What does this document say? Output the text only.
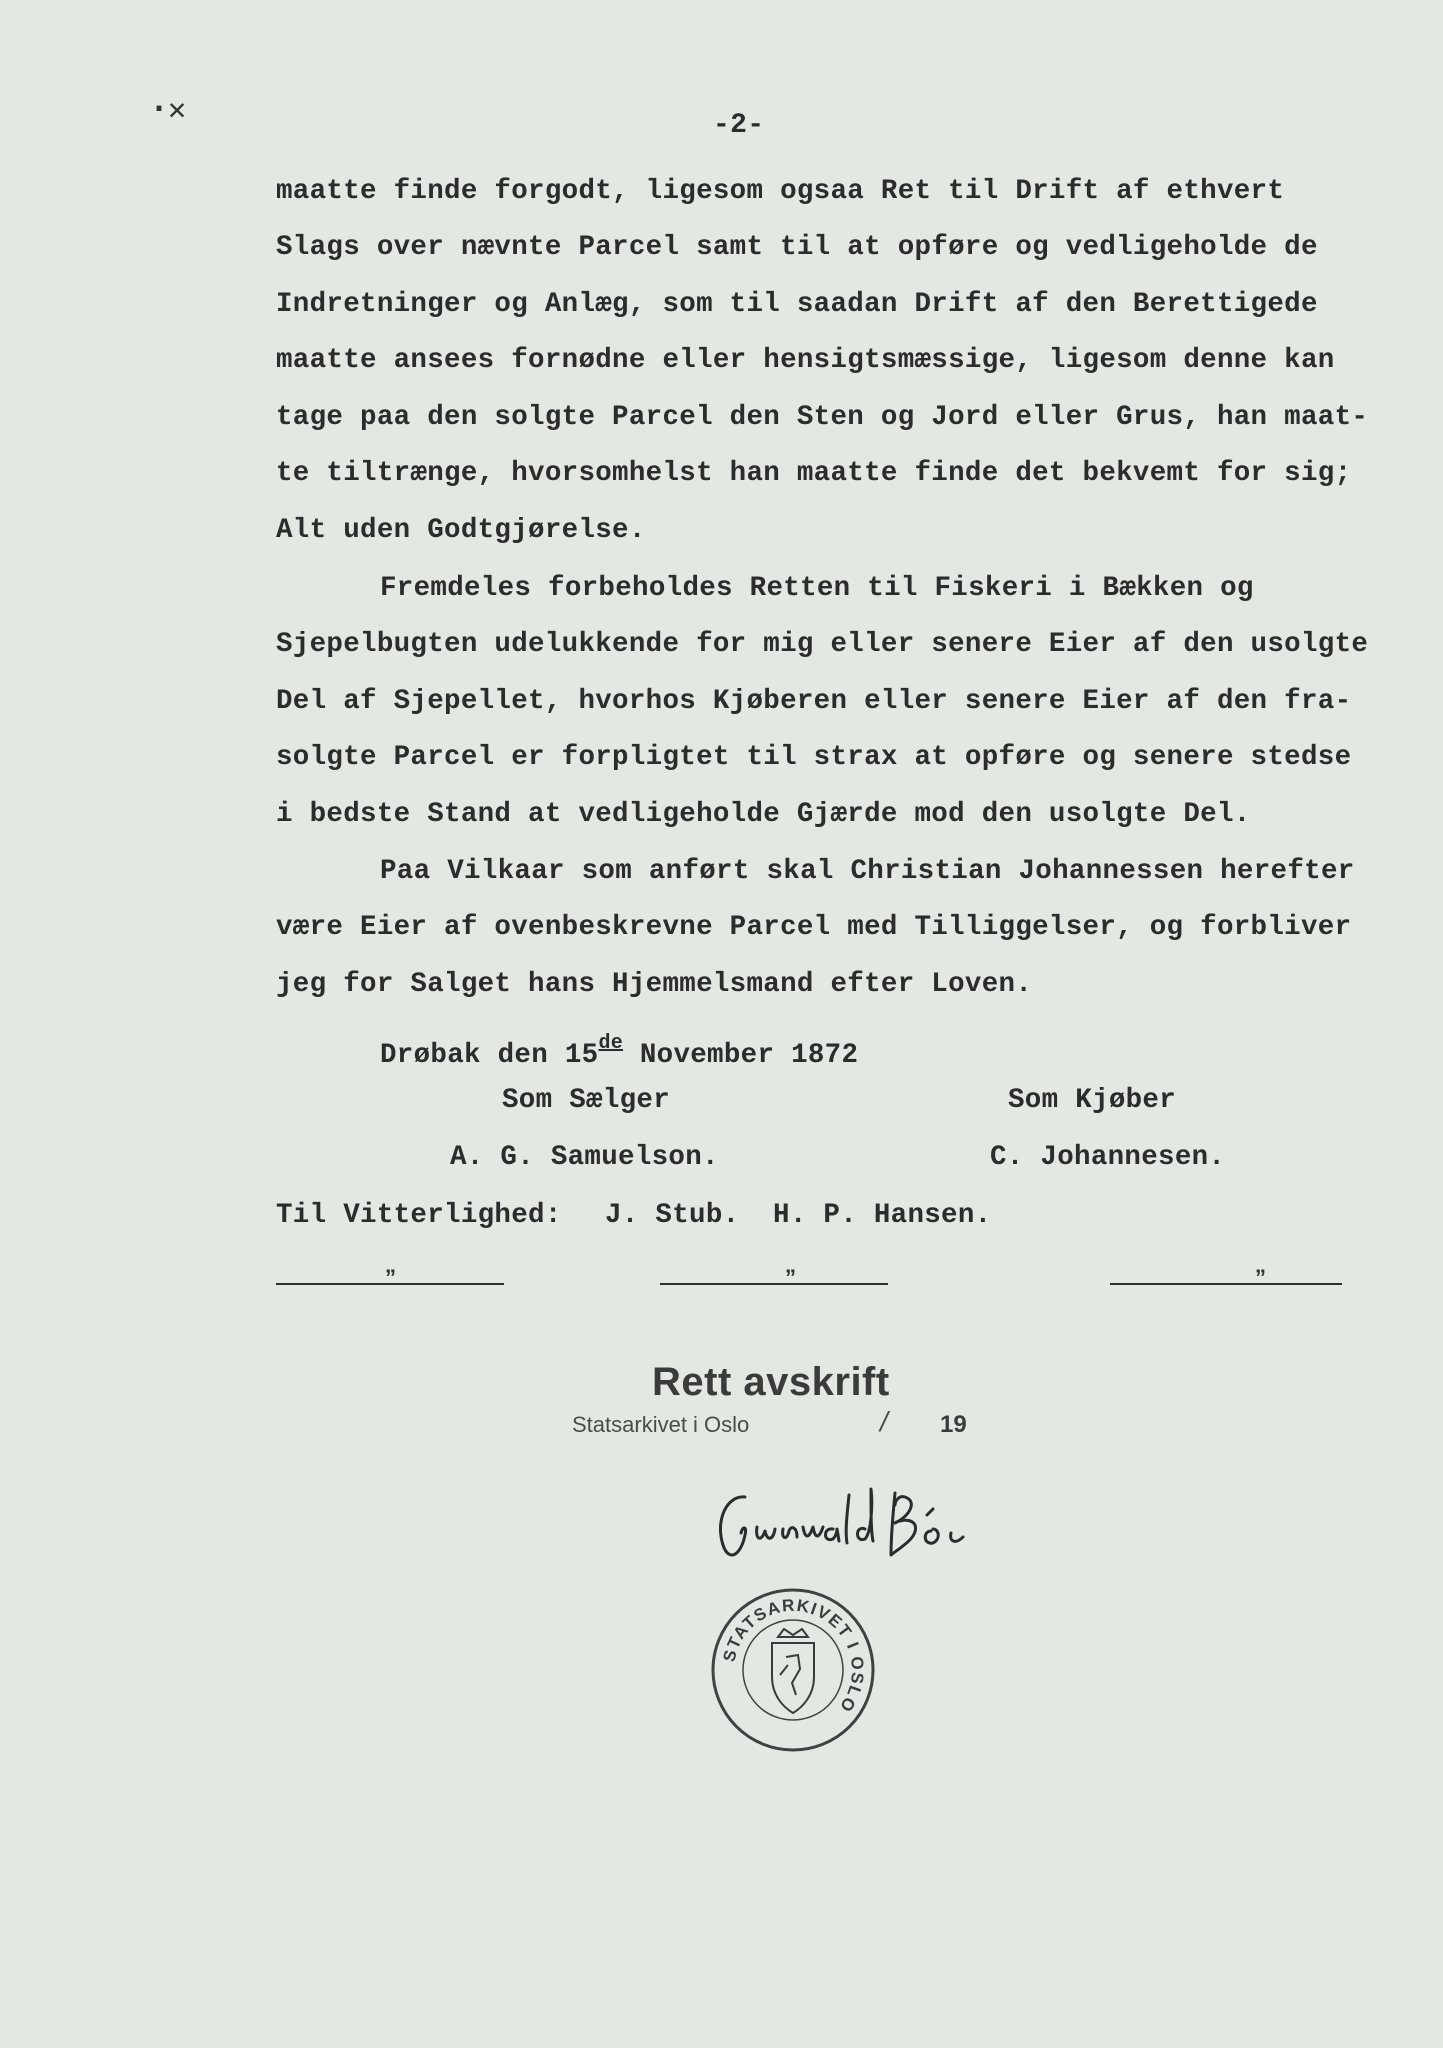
·✕	-2-
maatte finde forgodt, ligesom ogsaa Ret til Drift af ethvert
Slags over nævnte Parcel samt til at opføre og vedligeholde de
Indretninger og Anlæg, som til saadan Drift af den Berettigede
maatte ansees fornødne eller hensigtsmæssige, ligesom denne kan
tage paa den solgte Parcel den Sten og Jord eller Grus, han maat-
te tiltrænge, hvorsomhelst han maatte finde det bekvemt for sig;
Alt uden Godtgjørelse.
Fremdeles forbeholdes Retten til Fiskeri i Bækken og
Sjepelbugten udelukkende for mig eller senere Eier af den usolgte
Del af Sjepellet, hvorhos Kjøberen eller senere Eier af den fra-
solgte Parcel er forpligtet til strax at opføre og senere stedse
i bedste Stand at vedligeholde Gjærde mod den usolgte Del.
Paa Vilkaar som anført skal Christian Johannessen herefter
være Eier af ovenbeskrevne Parcel med Tilliggelser, og forbliver
jeg for Salget hans Hjemmelsmand efter Loven.
Drøbak den 15de November 1872
Som Sælger	Som Kjøber
A. G. Samuelson.	C. Johannesen.
Til Vitterlighed: J. Stub.  H. P. Hansen.
”	”	”
Rett avskrift
Statsarkivet i Oslo	/ 19
STATSARKIVET I OSLO
